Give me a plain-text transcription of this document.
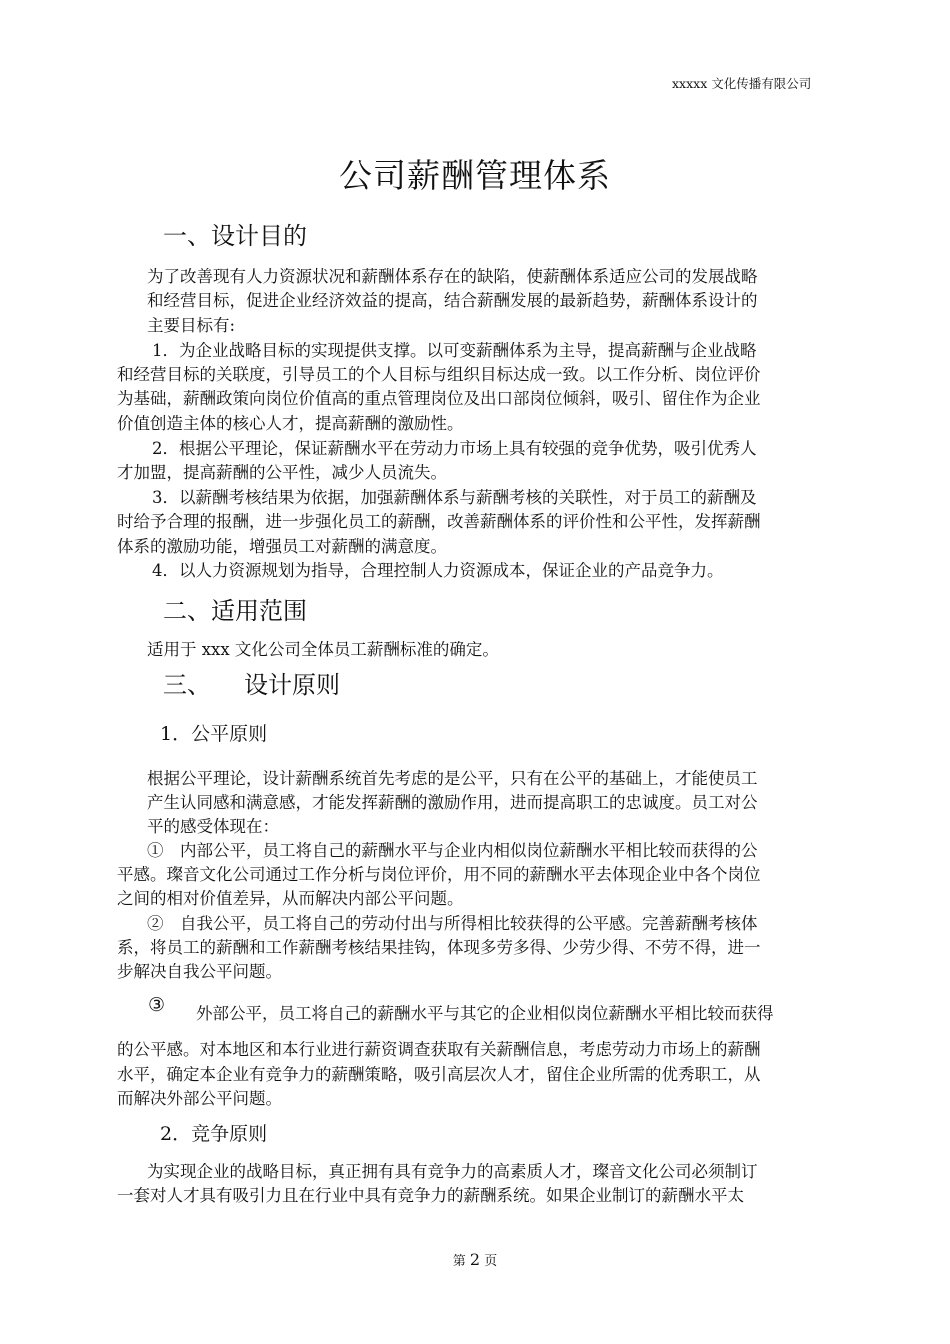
xxxxx 文化传播有限公司
公司薪酬管理体系
一、设计目的
为了改善现有人力资源状况和薪酬体系存在的缺陷，使薪酬体系适应公司的发展战略
和经营目标，促进企业经济效益的提高，结合薪酬发展的最新趋势，薪酬体系设计的
主要目标有:
1．为企业战略目标的实现提供支撑。以可变薪酬体系为主导，提高薪酬与企业战略
和经营目标的关联度，引导员工的个人目标与组织目标达成一致。以工作分析、岗位评价
为基础，薪酬政策向岗位价值高的重点管理岗位及出口部岗位倾斜，吸引、留住作为企业
价值创造主体的核心人才，提高薪酬的激励性。
2．根据公平理论，保证薪酬水平在劳动力市场上具有较强的竞争优势，吸引优秀人
才加盟，提高薪酬的公平性，减少人员流失。
3．以薪酬考核结果为依据，加强薪酬体系与薪酬考核的关联性，对于员工的薪酬及
时给予合理的报酬，进一步强化员工的薪酬，改善薪酬体系的评价性和公平性，发挥薪酬
体系的激励功能，增强员工对薪酬的满意度。
4．以人力资源规划为指导，合理控制人力资源成本，保证企业的产品竞争力。
二、适用范围
适用于 xxx 文化公司全体员工薪酬标准的确定。
三、 设计原则
1．公平原则
根据公平理论，设计薪酬系统首先考虑的是公平，只有在公平的基础上，才能使员工
产生认同感和满意感，才能发挥薪酬的激励作用，进而提高职工的忠诚度。员工对公
平的感受体现在：
①　内部公平，员工将自己的薪酬水平与企业内相似岗位薪酬水平相比较而获得的公
平感。璨音文化公司通过工作分析与岗位评价，用不同的薪酬水平去体现企业中各个岗位
之间的相对价值差异，从而解决内部公平问题。
②　自我公平，员工将自己的劳动付出与所得相比较获得的公平感。完善薪酬考核体
系，将员工的薪酬和工作薪酬考核结果挂钩，体现多劳多得、少劳少得、不劳不得，进一
步解决自我公平问题。
③ 外部公平，员工将自己的薪酬水平与其它的企业相似岗位薪酬水平相比较而获得
的公平感。对本地区和本行业进行薪资调查获取有关薪酬信息，考虑劳动力市场上的薪酬
水平，确定本企业有竞争力的薪酬策略，吸引高层次人才，留住企业所需的优秀职工，从
而解决外部公平问题。
2．竞争原则
为实现企业的战略目标，真正拥有具有竞争力的高素质人才，璨音文化公司必须制订
一套对人才具有吸引力且在行业中具有竞争力的薪酬系统。如果企业制订的薪酬水平太
第 2 页
